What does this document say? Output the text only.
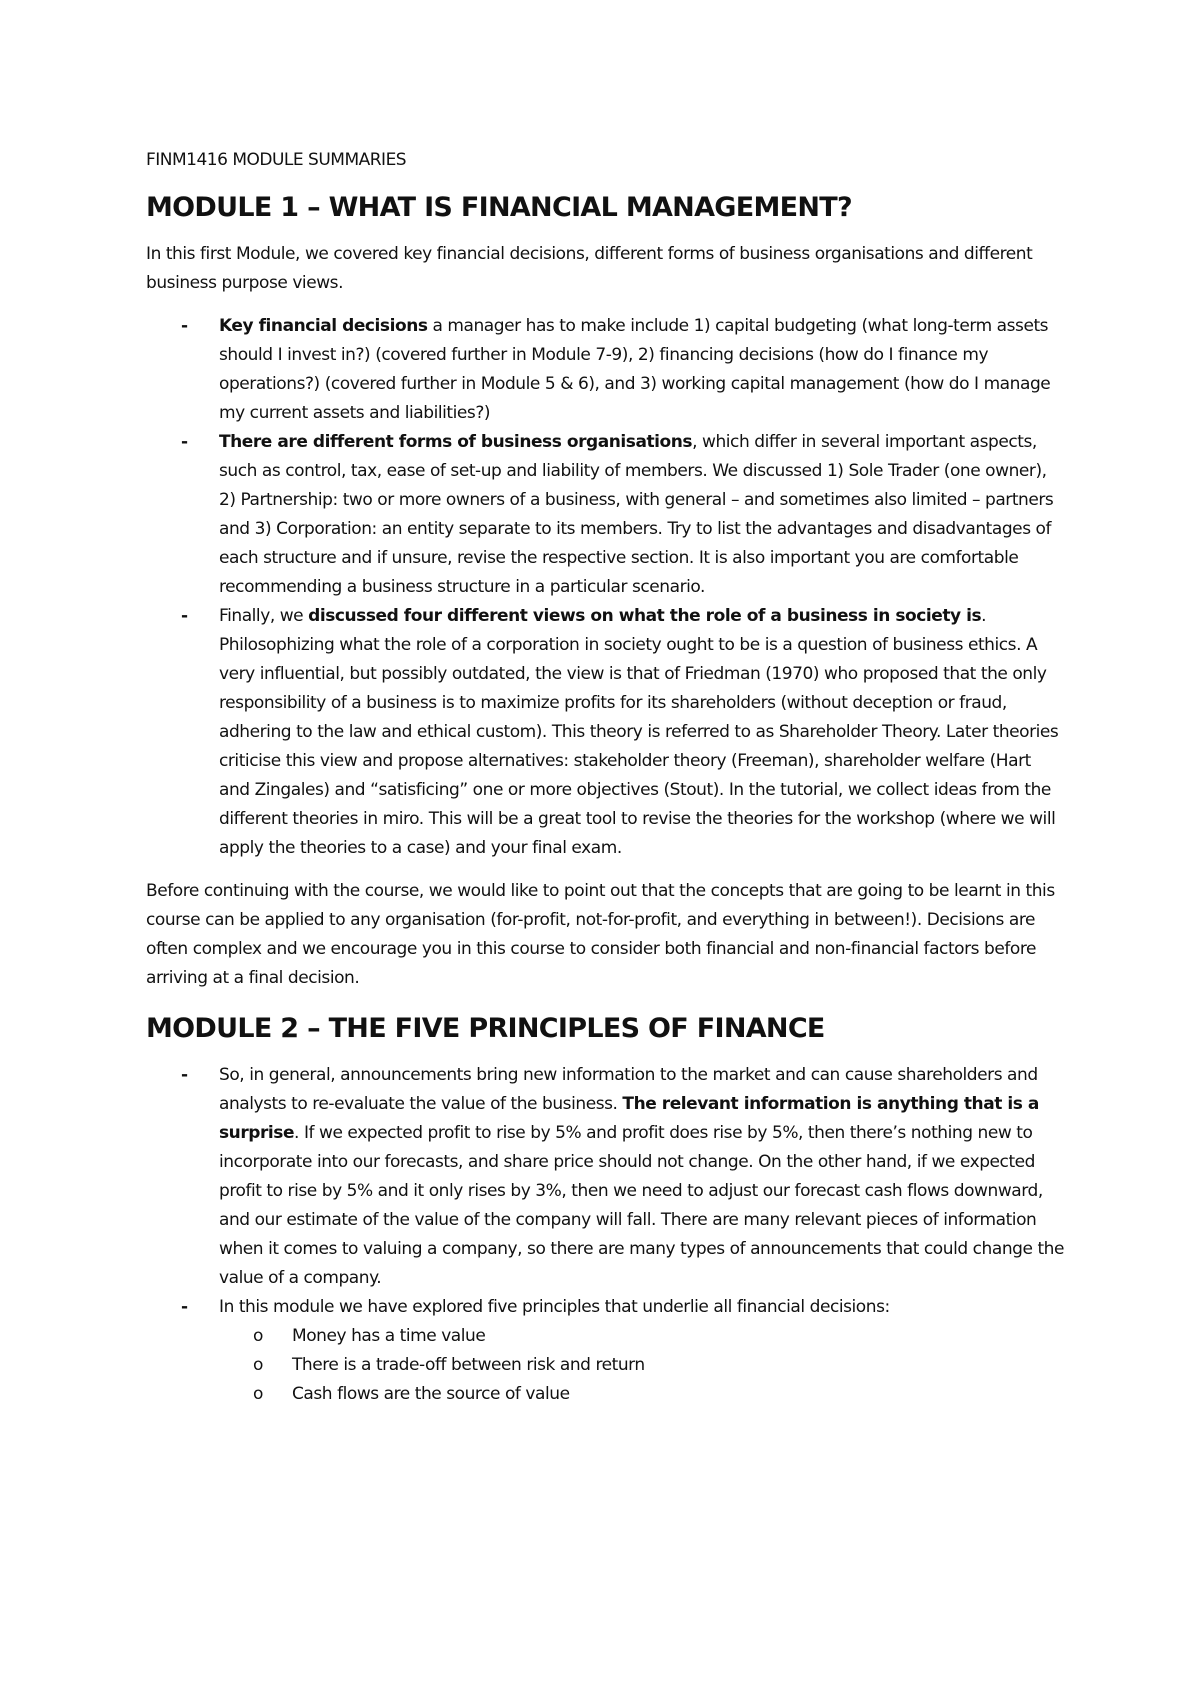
FINM1416 MODULE SUMMARIES
MODULE 1 – WHAT IS FINANCIAL MANAGEMENT?

In this first Module, we covered key financial decisions, different forms of business organisations and different business purpose views.

- Key financial decisions a manager has to make include 1) capital budgeting (what long-term assets should I invest in?) (covered further in Module 7-9), 2) financing decisions (how do I finance my operations?) (covered further in Module 5 & 6), and 3) working capital management (how do I manage my current assets and liabilities?)
- There are different forms of business organisations, which differ in several important aspects, such as control, tax, ease of set-up and liability of members. We discussed 1) Sole Trader (one owner), 2) Partnership: two or more owners of a business, with general – and sometimes also limited – partners and 3) Corporation: an entity separate to its members. Try to list the advantages and disadvantages of each structure and if unsure, revise the respective section. It is also important you are comfortable recommending a business structure in a particular scenario.
- Finally, we discussed four different views on what the role of a business in society is. Philosophizing what the role of a corporation in society ought to be is a question of business ethics. A very influential, but possibly outdated, the view is that of Friedman (1970) who proposed that the only responsibility of a business is to maximize profits for its shareholders (without deception or fraud, adhering to the law and ethical custom). This theory is referred to as Shareholder Theory. Later theories criticise this view and propose alternatives: stakeholder theory (Freeman), shareholder welfare (Hart and Zingales) and “satisficing” one or more objectives (Stout). In the tutorial, we collect ideas from the different theories in miro. This will be a great tool to revise the theories for the workshop (where we will apply the theories to a case) and your final exam.

Before continuing with the course, we would like to point out that the concepts that are going to be learnt in this course can be applied to any organisation (for-profit, not-for-profit, and everything in between!). Decisions are often complex and we encourage you in this course to consider both financial and non-financial factors before arriving at a final decision.

MODULE 2 – THE FIVE PRINCIPLES OF FINANCE
- So, in general, announcements bring new information to the market and can cause shareholders and analysts to re-evaluate the value of the business. The relevant information is anything that is a surprise. If we expected profit to rise by 5% and profit does rise by 5%, then there’s nothing new to incorporate into our forecasts, and share price should not change. On the other hand, if we expected profit to rise by 5% and it only rises by 3%, then we need to adjust our forecast cash flows downward, and our estimate of the value of the company will fall. There are many relevant pieces of information when it comes to valuing a company, so there are many types of announcements that could change the value of a company.
- In this module we have explored five principles that underlie all financial decisions:
o Money has a time value
o There is a trade-off between risk and return
o Cash flows are the source of value
